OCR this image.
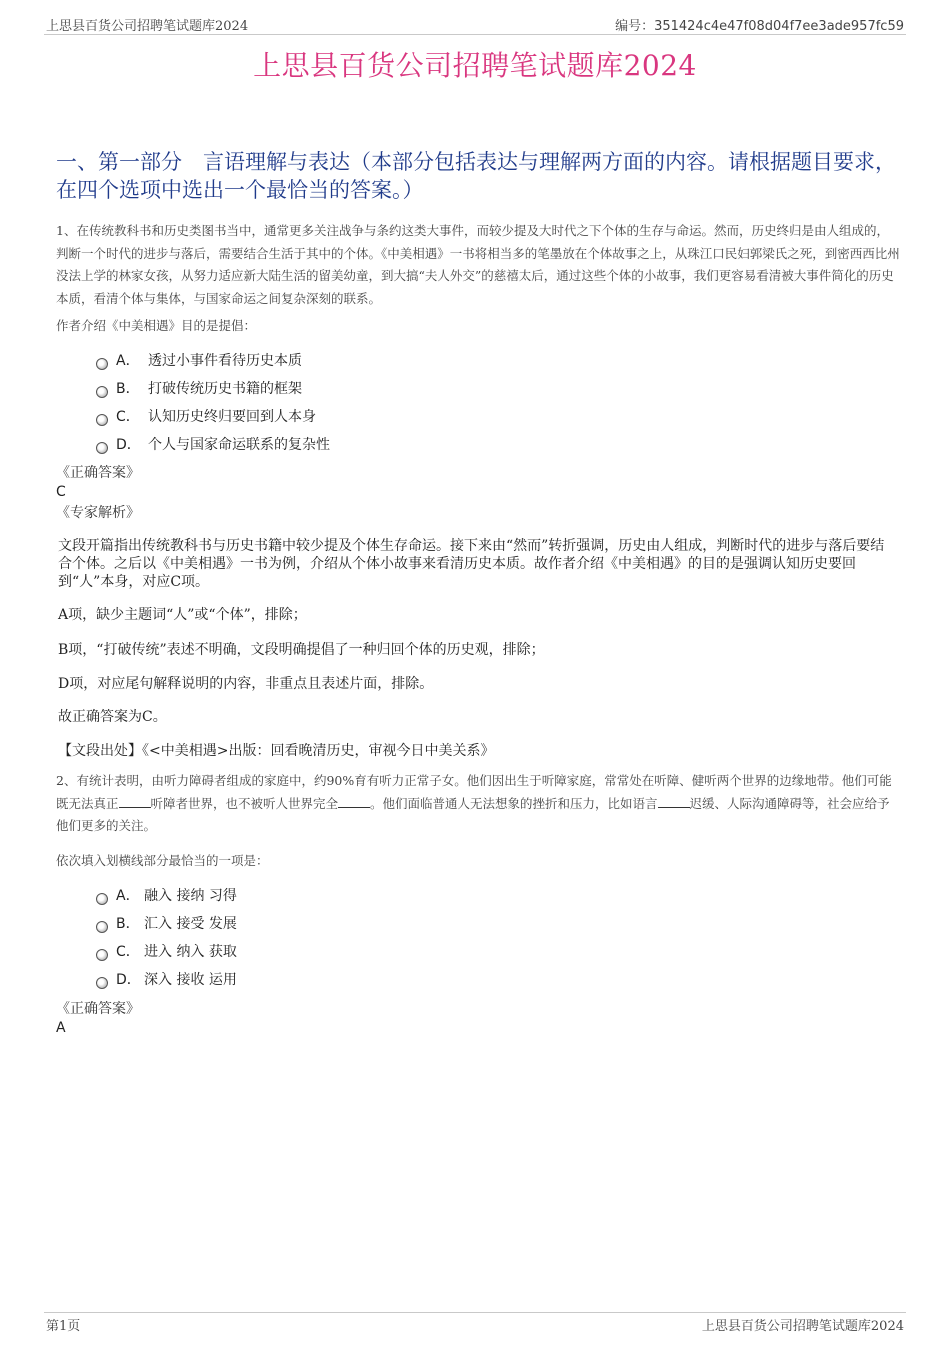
上思县百货公司招聘笔试题库2024	编号：351424c4e47f08d04f7ee3ade957fc59
上思县百货公司招聘笔试题库2024
一、第一部分　言语理解与表达（本部分包括表达与理解两方面的内容。请根据题目要求，在四个选项中选出一个最恰当的答案。）

1、在传统教科书和历史类图书当中，通常更多关注战争与条约这类大事件，而较少提及大时代之下个体的生存与命运。然而，历史终归是由人组成的，判断一个时代的进步与落后，需要结合生活于其中的个体。《中美相遇》一书将相当多的笔墨放在个体故事之上，从珠江口民妇郭梁氏之死，到密西西比州没法上学的林家女孩，从努力适应新大陆生活的留美幼童，到大搞“夫人外交”的慈禧太后，通过这些个体的小故事，我们更容易看清被大事件简化的历史本质，看清个体与集体，与国家命运之间复杂深刻的联系。

作者介绍《中美相遇》目的是提倡：

A． 透过小事件看待历史本质
B． 打破传统历史书籍的框架
C． 认知历史终归要回到人本身
D． 个人与国家命运联系的复杂性
《正确答案》
C
《专家解析》

文段开篇指出传统教科书与历史书籍中较少提及个体生存命运。接下来由“然而”转折强调，历史由人组成，判断时代的进步与落后要结合个体。之后以《中美相遇》一书为例，介绍从个体小故事来看清历史本质。故作者介绍《中美相遇》的目的是强调认知历史要回到“人”本身，对应C项。

A项，缺少主题词“人”或“个体”，排除；

B项，“打破传统”表述不明确，文段明确提倡了一种归回个体的历史观，排除；

D项，对应尾句解释说明的内容，非重点且表述片面，排除。

故正确答案为C。

【文段出处】《<中美相遇>出版：回看晚清历史，审视今日中美关系》

2、有统计表明，由听力障碍者组成的家庭中，约90%育有听力正常子女。他们因出生于听障家庭，常常处在听障、健听两个世界的边缘地带。他们可能既无法真正	听障者世界，也不被听人世界完全	。他们面临普通人无法想象的挫折和压力，比如语言	迟缓、人际沟通障碍等，社会应给予他们更多的关注。

依次填入划横线部分最恰当的一项是：

A． 融入 接纳 习得
B． 汇入 接受 发展
C． 进入 纳入 获取
D． 深入 接收 运用
《正确答案》
A
第1页	上思县百货公司招聘笔试题库2024
